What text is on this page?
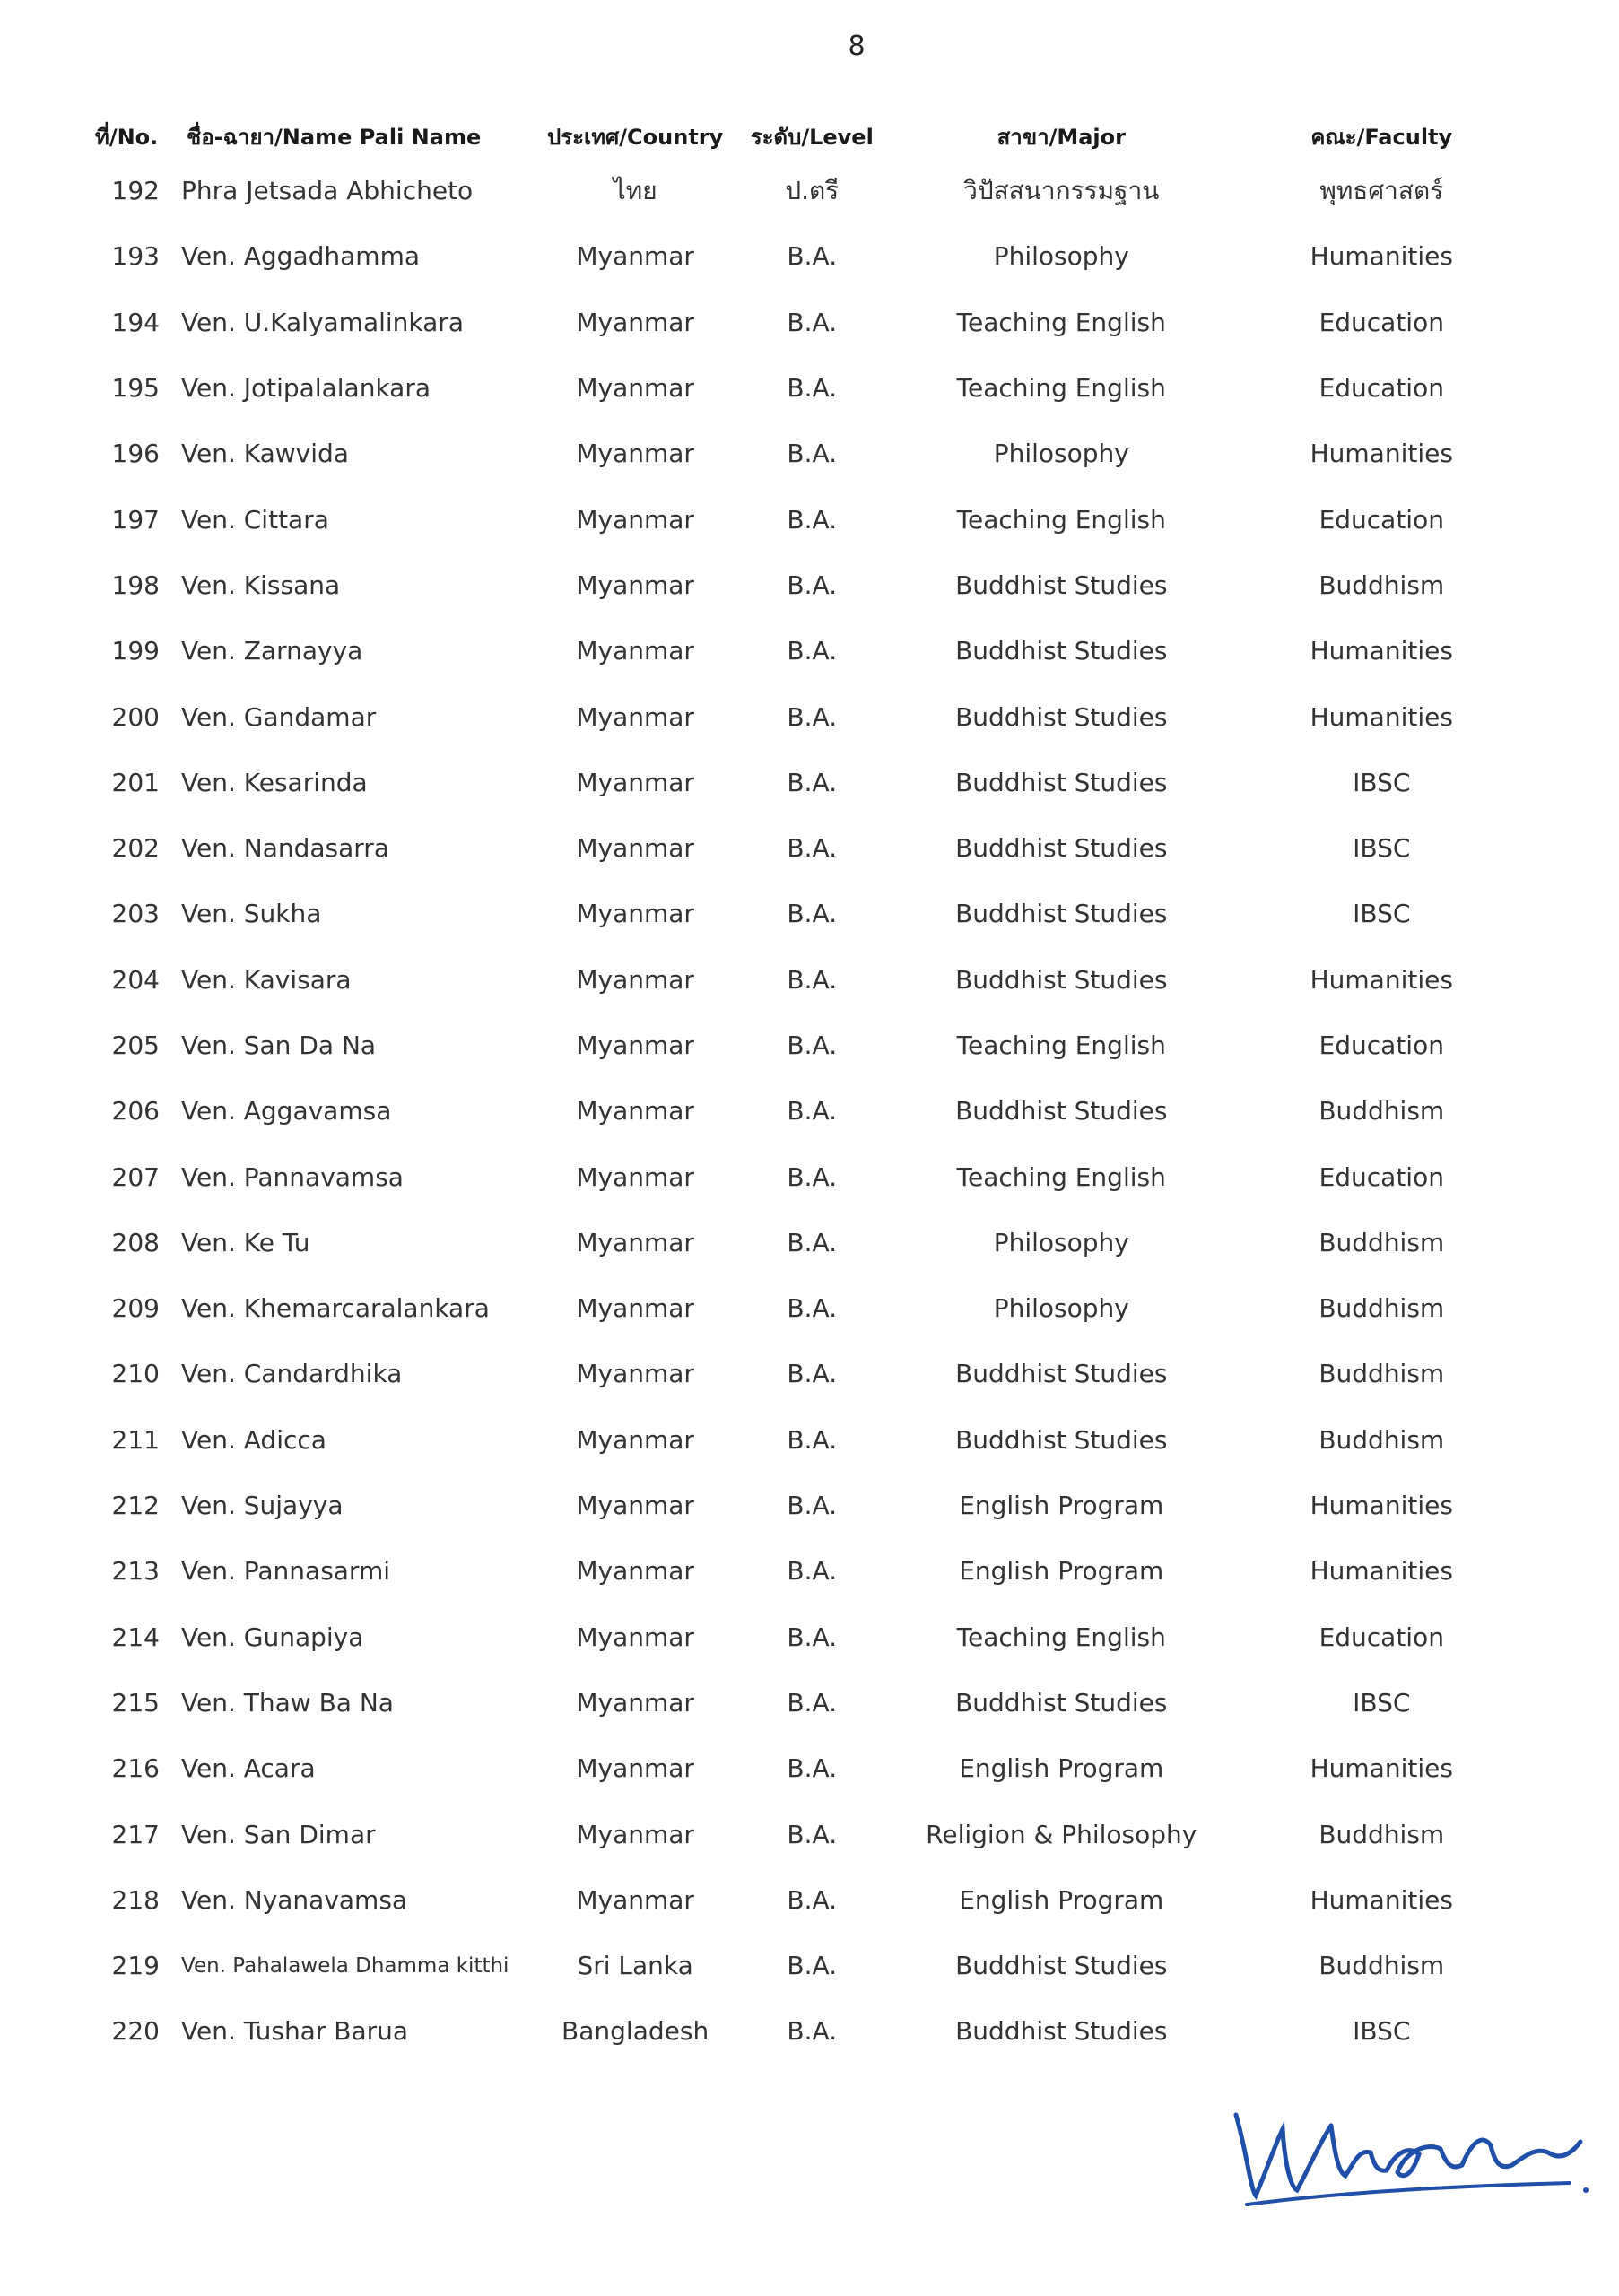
8
ที่/No.	ชื่อ-ฉายา/Name Pali Name	ประเทศ/Country	ระดับ/Level	สาขา/Major	คณะ/Faculty
192	Phra Jetsada Abhicheto	ไทย	ป.ตรี	วิปัสสนากรรมฐาน	พุทธศาสตร์
193	Ven. Aggadhamma	Myanmar	B.A.	Philosophy	Humanities
194	Ven. U.Kalyamalinkara	Myanmar	B.A.	Teaching English	Education
195	Ven. Jotipalalankara	Myanmar	B.A.	Teaching English	Education
196	Ven. Kawvida	Myanmar	B.A.	Philosophy	Humanities
197	Ven. Cittara	Myanmar	B.A.	Teaching English	Education
198	Ven. Kissana	Myanmar	B.A.	Buddhist Studies	Buddhism
199	Ven. Zarnayya	Myanmar	B.A.	Buddhist Studies	Humanities
200	Ven. Gandamar	Myanmar	B.A.	Buddhist Studies	Humanities
201	Ven. Kesarinda	Myanmar	B.A.	Buddhist Studies	IBSC
202	Ven. Nandasarra	Myanmar	B.A.	Buddhist Studies	IBSC
203	Ven. Sukha	Myanmar	B.A.	Buddhist Studies	IBSC
204	Ven. Kavisara	Myanmar	B.A.	Buddhist Studies	Humanities
205	Ven. San Da Na	Myanmar	B.A.	Teaching English	Education
206	Ven. Aggavamsa	Myanmar	B.A.	Buddhist Studies	Buddhism
207	Ven. Pannavamsa	Myanmar	B.A.	Teaching English	Education
208	Ven. Ke Tu	Myanmar	B.A.	Philosophy	Buddhism
209	Ven. Khemarcaralankara	Myanmar	B.A.	Philosophy	Buddhism
210	Ven. Candardhika	Myanmar	B.A.	Buddhist Studies	Buddhism
211	Ven. Adicca	Myanmar	B.A.	Buddhist Studies	Buddhism
212	Ven. Sujayya	Myanmar	B.A.	English Program	Humanities
213	Ven. Pannasarmi	Myanmar	B.A.	English Program	Humanities
214	Ven. Gunapiya	Myanmar	B.A.	Teaching English	Education
215	Ven. Thaw Ba Na	Myanmar	B.A.	Buddhist Studies	IBSC
216	Ven. Acara	Myanmar	B.A.	English Program	Humanities
217	Ven. San Dimar	Myanmar	B.A.	Religion & Philosophy	Buddhism
218	Ven. Nyanavamsa	Myanmar	B.A.	English Program	Humanities
219	Ven. Pahalawela Dhamma kitthi	Sri Lanka	B.A.	Buddhist Studies	Buddhism
220	Ven. Tushar Barua	Bangladesh	B.A.	Buddhist Studies	IBSC
